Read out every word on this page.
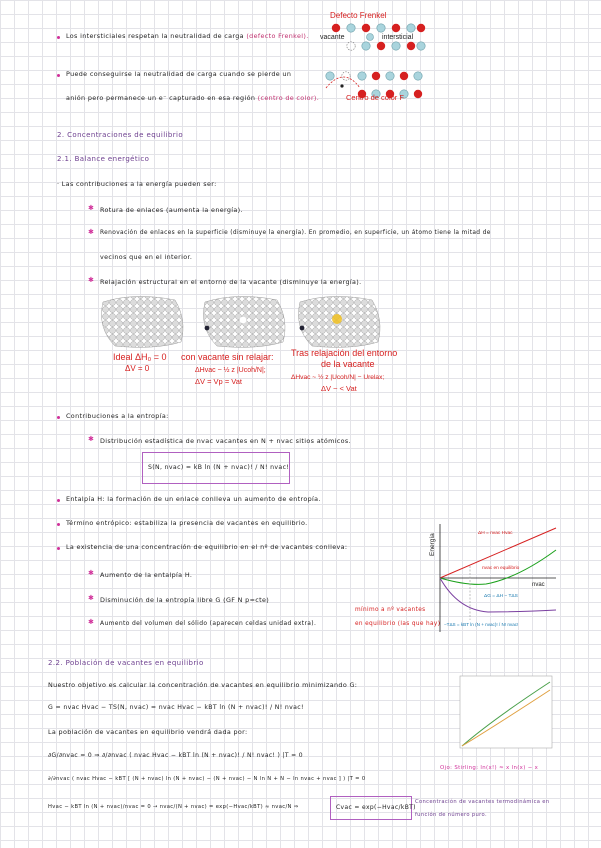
Los intersticiales respetan la neutralidad de carga (defecto Frenkel).
Puede conseguirse la neutralidad de carga cuando se pierde un
anión pero permanece un e⁻ capturado en esa región (centro de color).
Defecto Frenkel
vacante	intersticial
Centro de color F
2. Concentraciones de equilibrio
2.1. Balance energético
· Las contribuciones a la energía pueden ser:
✱ Rotura de enlaces (aumenta la energía).
✱ Renovación de enlaces en la superficie (disminuye la energía). En promedio, en superficie, un átomo tiene la mitad de
vecinos que en el interior.
✱ Relajación estructural en el entorno de la vacante (disminuye la energía).
Ideal ΔH₀ = 0
ΔV = 0
con vacante sin relajar:
ΔHvac ~ ½ z |Ucoh/N|;
ΔV = Vp = Vat
Tras relajación del entorno
de la vacante
ΔHvac ~ ½ z |Ucoh/N| − Urelax;
ΔV ~ < Vat
Contribuciones a la entropía:
✱ Distribución estadística de nvac vacantes en N + nvac sitios atómicos.
S(N, nvac) = kB ln (N + nvac)! / N! nvac!
Entalpía H: la formación de un enlace conlleva un aumento de entropía.
Término entrópico: estabiliza la presencia de vacantes en equilibrio.
La existencia de una concentración de equilibrio en el nº de vacantes conlleva:
✱ Aumento de la entalpía H.
✱ Disminución de la entropía libre G (GF N p=cte)
✱ Aumento del volumen del sólido (aparecen celdas unidad extra).
mínimo a nº vacantes
en equilibrio (las que hay)
Energía
nvac
ΔH = nvac Hvac
nvac en equilibrio
ΔG = ΔH − TΔS
−TΔS = kBT ln (N + nvac)! / N! nvac!
2.2. Población de vacantes en equilibrio
Nuestro objetivo es calcular la concentración de vacantes en equilibrio minimizando G:
G = nvac Hvac − TS(N, nvac) = nvac Hvac − kBT ln (N + nvac)! / N! nvac!
La población de vacantes en equilibrio vendrá dada por:
∂G/∂nvac = 0 ⇒ ∂/∂nvac ( nvac Hvac − kBT ln (N + nvac)! / N! nvac! ) |T = 0
∂/∂nvac ( nvac Hvac − kBT [ (N + nvac) ln (N + nvac) − (N + nvac) − N ln N + N − ln nvac + nvac ] ) |T = 0
Hvac − kBT ln (N + nvac)/nvac = 0 → nvac/(N + nvac) = exp(−Hvac/kBT) ≈ nvac/N ⇒	Cvac = exp(−Hvac/kBT)
Concentración de vacantes termodinámica en
función de número puro.
Ojo: Stirling: ln(x!) ≈ x ln(x) − x
